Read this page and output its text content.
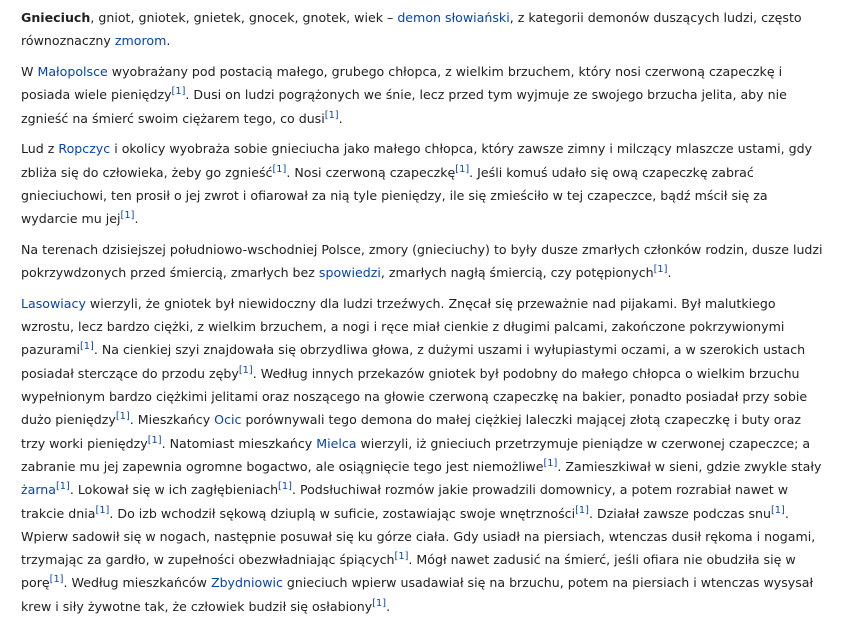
Gnieciuch, gniot, gniotek, gnietek, gnocek, gnotek, wiek – demon słowiański, z kategorii demonów duszących ludzi, często równoznaczny zmorom.

W Małopolsce wyobrażany pod postacią małego, grubego chłopca, z wielkim brzuchem, który nosi czerwoną czapeczkę i posiada wiele pieniędzy[1]. Dusi on ludzi pogrążonych we śnie, lecz przed tym wyjmuje ze swojego brzucha jelita, aby nie zgnieść na śmierć swoim ciężarem tego, co dusi[1].

Lud z Ropczyc i okolicy wyobraża sobie gnieciucha jako małego chłopca, który zawsze zimny i milczący mlaszcze ustami, gdy zbliża się do człowieka, żeby go zgnieść[1]. Nosi czerwoną czapeczkę[1]. Jeśli komuś udało się ową czapeczkę zabrać gnieciuchowi, ten prosił o jej zwrot i ofiarował za nią tyle pieniędzy, ile się zmieściło w tej czapeczce, bądź mścił się za wydarcie mu jej[1].

Na terenach dzisiejszej południowo-wschodniej Polsce, zmory (gnieciuchy) to były dusze zmarłych członków rodzin, dusze ludzi pokrzywdzonych przed śmiercią, zmarłych bez spowiedzi, zmarłych nagłą śmiercią, czy potępionych[1].

Lasowiacy wierzyli, że gniotek był niewidoczny dla ludzi trzeźwych. Znęcał się przeważnie nad pijakami. Był malutkiego wzrostu, lecz bardzo ciężki, z wielkim brzuchem, a nogi i ręce miał cienkie z długimi palcami, zakończone pokrzywionymi pazurami[1]. Na cienkiej szyi znajdowała się obrzydliwa głowa, z dużymi uszami i wyłupiastymi oczami, a w szerokich ustach posiadał sterczące do przodu zęby[1]. Według innych przekazów gniotek był podobny do małego chłopca o wielkim brzuchu wypełnionym bardzo ciężkimi jelitami oraz noszącego na głowie czerwoną czapeczkę na bakier, ponadto posiadał przy sobie dużo pieniędzy[1]. Mieszkańcy Ocic porównywali tego demona do małej ciężkiej laleczki mającej złotą czapeczkę i buty oraz trzy worki pieniędzy[1]. Natomiast mieszkańcy Mielca wierzyli, iż gnieciuch przetrzymuje pieniądze w czerwonej czapeczce; a zabranie mu jej zapewnia ogromne bogactwo, ale osiągnięcie tego jest niemożliwe[1]. Zamieszkiwał w sieni, gdzie zwykle stały żarna[1]. Lokował się w ich zagłębieniach[1]. Podsłuchiwał rozmów jakie prowadzili domownicy, a potem rozrabiał nawet w trakcie dnia[1]. Do izb wchodził sękową dziuplą w suficie, zostawiając swoje wnętrzności[1]. Działał zawsze podczas snu[1]. Wpierw sadowił się w nogach, następnie posuwał się ku górze ciała. Gdy usiadł na piersiach, wtenczas dusił rękoma i nogami, trzymając za gardło, w zupełności obezwładniając śpiących[1]. Mógł nawet zadusić na śmierć, jeśli ofiara nie obudziła się w porę[1]. Według mieszkańców Zbydniowic gnieciuch wpierw usadawiał się na brzuchu, potem na piersiach i wtenczas wysysał krew i siły żywotne tak, że człowiek budził się osłabiony[1].
